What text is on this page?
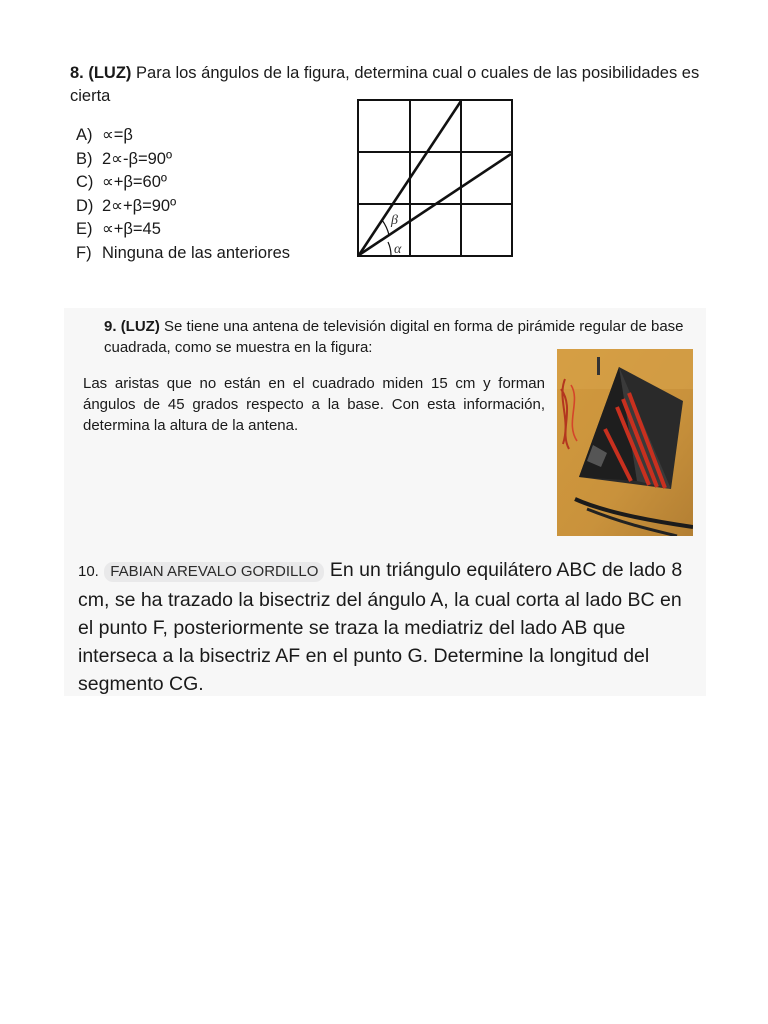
8. (LUZ) Para los ángulos de la figura, determina cual o cuales de las posibilidades es cierta
A) ∝=β
B) 2∝-β=90º
C) ∝+β=60º
D) 2∝+β=90º
E) ∝+β=45
F) Ninguna de las anteriores
β
α
9. (LUZ) Se tiene una antena de televisión digital en forma de pirámide regular de base cuadrada, como se muestra en la figura:
Las aristas que no están en el cuadrado miden 15 cm y forman ángulos de 45 grados respecto a la base. Con esta información, determina la altura de la antena.
10. FABIAN AREVALO GORDILLO En un triángulo equilátero ABC de lado 8 cm, se ha trazado la bisectriz del ángulo A, la cual corta al lado BC en el punto F, posteriormente se traza la mediatriz del lado AB que interseca a la bisectriz AF en el punto G. Determine la longitud del segmento CG.
